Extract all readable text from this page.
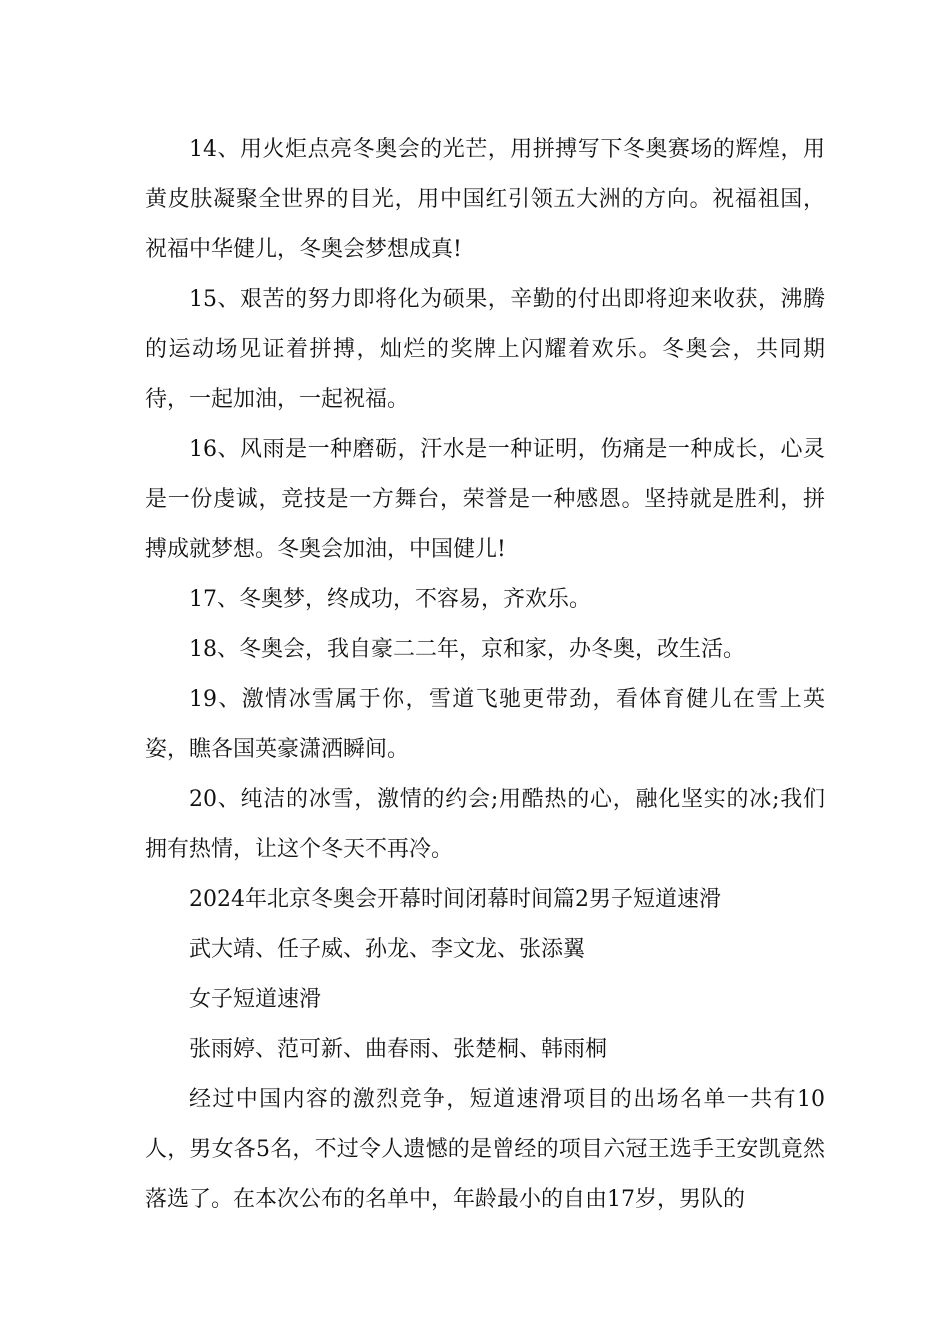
14、用火炬点亮冬奥会的光芒，用拼搏写下冬奥赛场的辉煌，用黄皮肤凝聚全世界的目光，用中国红引领五大洲的方向。祝福祖国，祝福中华健儿，冬奥会梦想成真!

15、艰苦的努力即将化为硕果，辛勤的付出即将迎来收获，沸腾的运动场见证着拼搏，灿烂的奖牌上闪耀着欢乐。冬奥会，共同期待，一起加油，一起祝福。

16、风雨是一种磨砺，汗水是一种证明，伤痛是一种成长，心灵是一份虔诚，竞技是一方舞台，荣誉是一种感恩。坚持就是胜利，拼搏成就梦想。冬奥会加油，中国健儿!

17、冬奥梦，终成功，不容易，齐欢乐。

18、冬奥会，我自豪二二年，京和家，办冬奥，改生活。

19、激情冰雪属于你，雪道飞驰更带劲，看体育健儿在雪上英姿，瞧各国英豪潇洒瞬间。

20、纯洁的冰雪，激情的约会;用酷热的心，融化坚实的冰;我们拥有热情，让这个冬天不再冷。

2024年北京冬奥会开幕时间闭幕时间篇2男子短道速滑

武大靖、任子威、孙龙、李文龙、张添翼

女子短道速滑

张雨婷、范可新、曲春雨、张楚桐、韩雨桐

经过中国内容的激烈竞争，短道速滑项目的出场名单一共有10人，男女各5名，不过令人遗憾的是曾经的项目六冠王选手王安凯竟然落选了。在本次公布的名单中，年龄最小的自由17岁，男队的
